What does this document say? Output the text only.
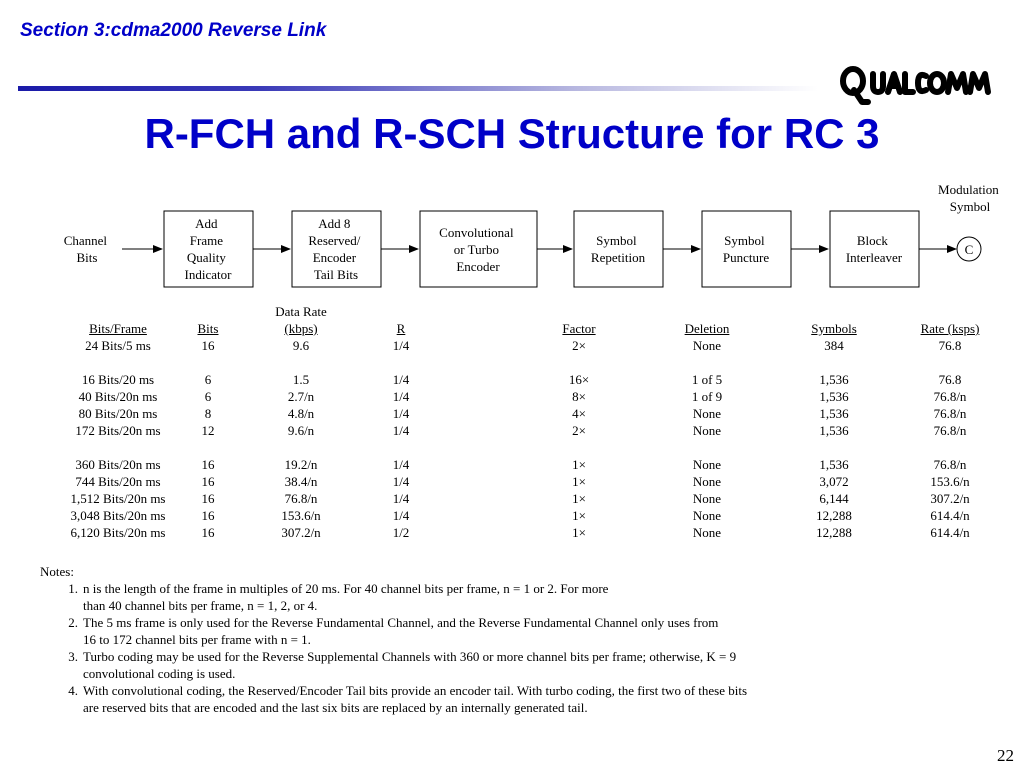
Section 3:cdma2000 Reverse Link
R-FCH and R-SCH Structure for RC 3
Channel Bits
Add Frame Quality Indicator
Add 8 Reserved/ Encoder Tail Bits
Convolutional or Turbo Encoder
Symbol Repetition
Symbol Puncture
Block Interleaver
C
Modulation Symbol
			Data Rate						
	Bits/Frame	Bits	(kbps)	R		Factor	Deletion	Symbols	Rate (ksps)
	24 Bits/5 ms	16	9.6	1/4		2×	None	384	76.8

	16 Bits/20 ms	6	1.5	1/4		16×	1 of 5	1,536	76.8
	40 Bits/20n ms	6	2.7/n	1/4		8×	1 of 9	1,536	76.8/n
	80 Bits/20n ms	8	4.8/n	1/4		4×	None	1,536	76.8/n
	172 Bits/20n ms	12	9.6/n	1/4		2×	None	1,536	76.8/n

	360 Bits/20n ms	16	19.2/n	1/4		1×	None	1,536	76.8/n
	744 Bits/20n ms	16	38.4/n	1/4		1×	None	3,072	153.6/n
	1,512 Bits/20n ms	16	76.8/n	1/4		1×	None	6,144	307.2/n
	3,048 Bits/20n ms	16	153.6/n	1/4		1×	None	12,288	614.4/n
	6,120 Bits/20n ms	16	307.2/n	1/2		1×	None	12,288	614.4/n
Notes:
1. n is the length of the frame in multiples of 20 ms. For 40 channel bits per frame, n = 1 or 2. For more
than 40 channel bits per frame, n = 1, 2, or 4.
2. The 5 ms frame is only used for the Reverse Fundamental Channel, and the Reverse Fundamental Channel only uses from
16 to 172 channel bits per frame with n = 1.
3. Turbo coding may be used for the Reverse Supplemental Channels with 360 or more channel bits per frame; otherwise, K = 9
convolutional coding is used.
4. With convolutional coding, the Reserved/Encoder Tail bits provide an encoder tail. With turbo coding, the first two of these bits
are reserved bits that are encoded and the last six bits are replaced by an internally generated tail.
22
